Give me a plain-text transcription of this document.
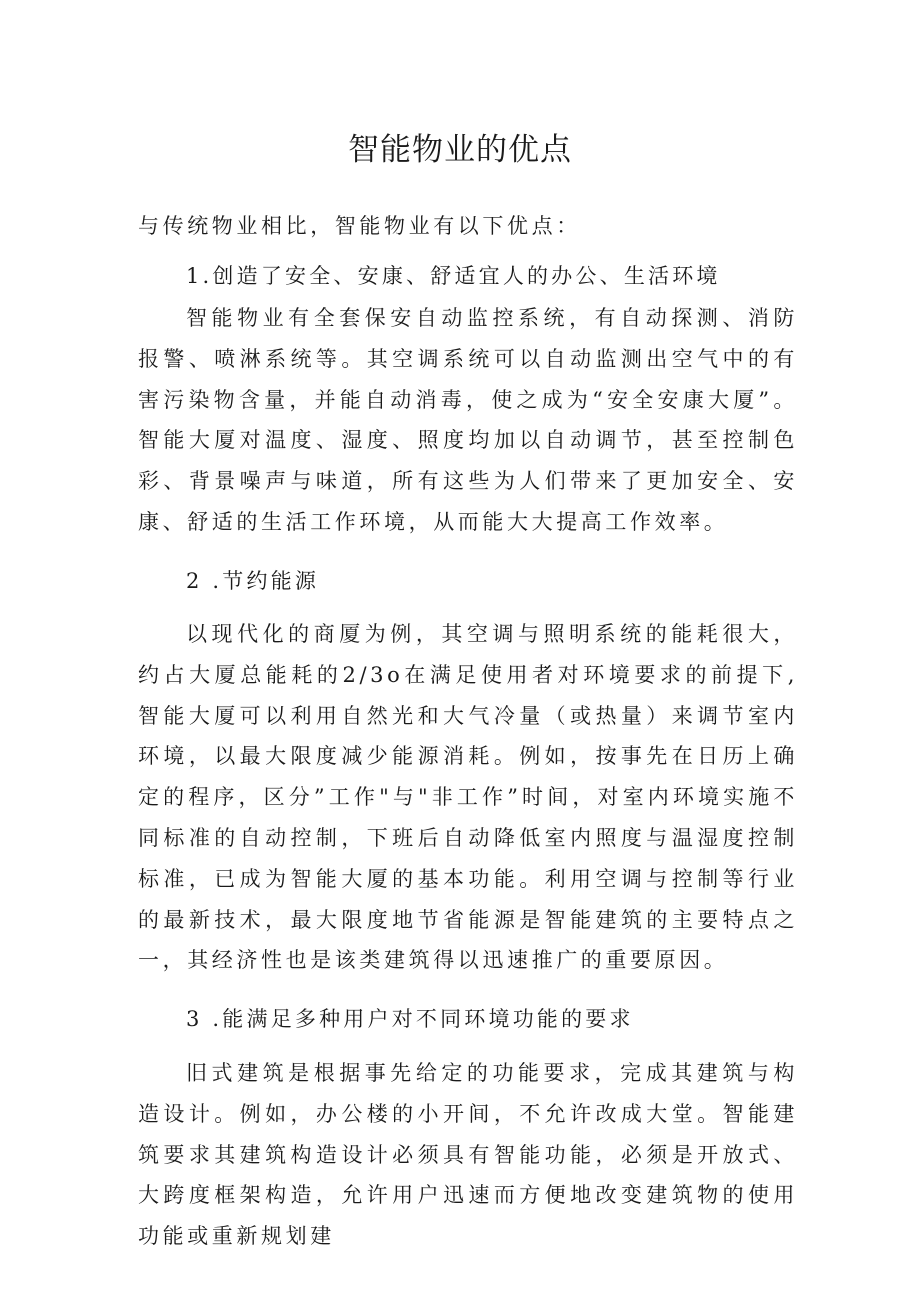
智能物业的优点

与传统物业相比，智能物业有以下优点：

1.创造了安全、安康、舒适宜人的办公、生活环境

智能物业有全套保安自动监控系统，有自动探测、消防报警、喷淋系统等。其空调系统可以自动监测出空气中的有害污染物含量，并能自动消毒，使之成为“安全安康大厦”。智能大厦对温度、湿度、照度均加以自动调节，甚至控制色彩、背景噪声与味道，所有这些为人们带来了更加安全、安康、舒适的生活工作环境，从而能大大提高工作效率。

2 .节约能源

以现代化的商厦为例，其空调与照明系统的能耗很大，约占大厦总能耗的2/3o在满足使用者对环境要求的前提下,智能大厦可以利用自然光和大气冷量（或热量）来调节室内环境，以最大限度减少能源消耗。例如，按事先在日历上确定的程序，区分”工作"与"非工作”时间，对室内环境实施不同标准的自动控制，下班后自动降低室内照度与温湿度控制标准，已成为智能大厦的基本功能。利用空调与控制等行业的最新技术，最大限度地节省能源是智能建筑的主要特点之一，其经济性也是该类建筑得以迅速推广的重要原因。

3 .能满足多种用户对不同环境功能的要求

旧式建筑是根据事先给定的功能要求，完成其建筑与构造设计。例如，办公楼的小开间，不允许改成大堂。智能建筑要求其建筑构造设计必须具有智能功能，必须是开放式、大跨度框架构造，允许用户迅速而方便地改变建筑物的使用功能或重新规划建
